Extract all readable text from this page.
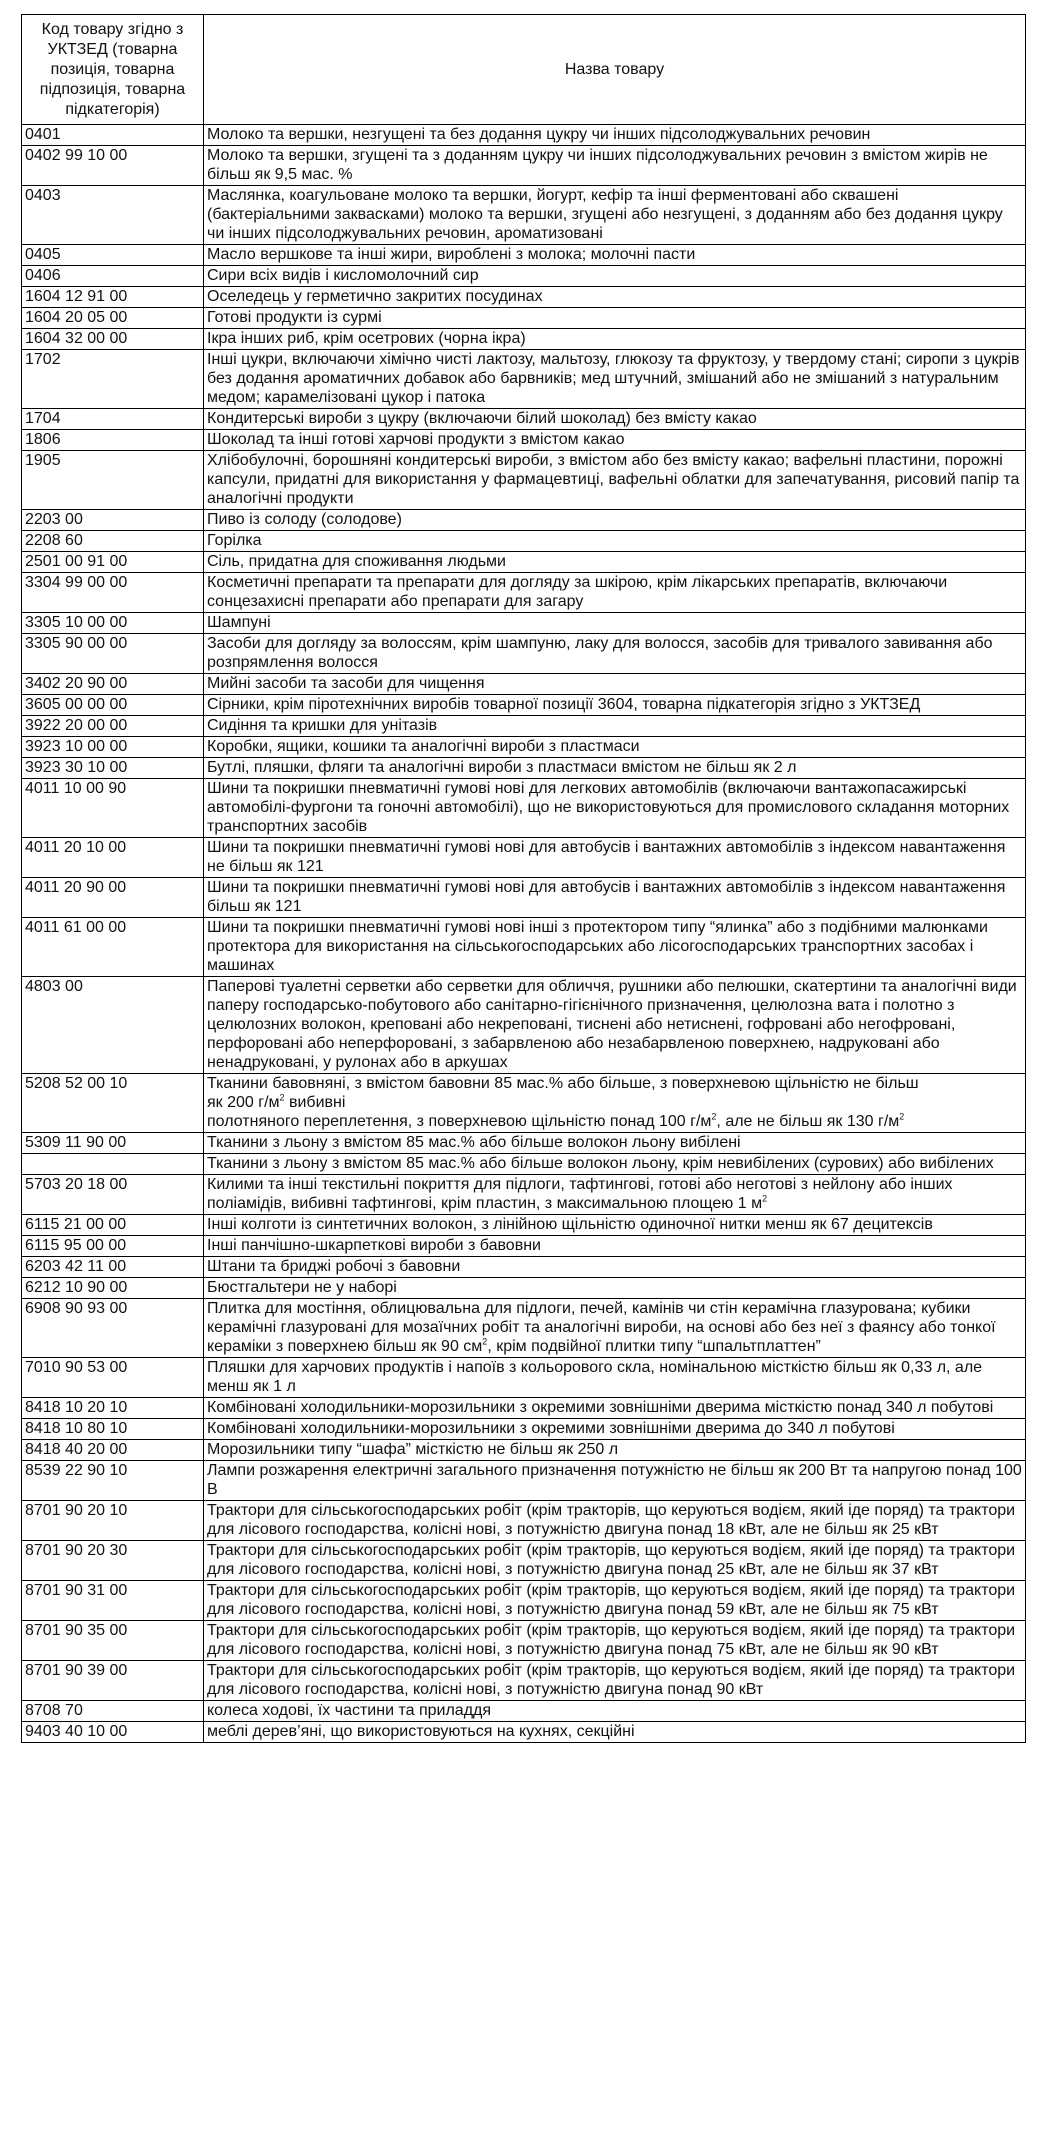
Код товару згідно з УКТЗЕД (товарна позиція, товарна підпозиція, товарна підкатегорія)	Назва товару
0401	Молоко та вершки, незгущені та без додання цукру чи інших підсолоджувальних речовин
0402 99 10 00	Молоко та вершки, згущені та з доданням цукру чи інших підсолоджувальних речовин з вмістом жирів не більш як 9,5 мас. %
0403	Маслянка, коагульоване молоко та вершки, йогурт, кефір та інші ферментовані або сквашені (бактеріальними заквасками) молоко та вершки, згущені або незгущені, з доданням або без додання цукру чи інших підсолоджувальних речовин, ароматизовані
0405	Масло вершкове та інші жири, вироблені з молока; молочні пасти
0406	Сири всіх видів і кисломолочний сир
1604 12 91 00	Оселедець у герметично закритих посудинах
1604 20 05 00	Готові продукти із сурмі
1604 32 00 00	Ікра інших риб, крім осетрових (чорна ікра)
1702	Інші цукри, включаючи хімічно чисті лактозу, мальтозу, глюкозу та фруктозу, у твердому стані; сиропи з цукрів без додання ароматичних добавок або барвників; мед штучний, змішаний або не змішаний з натуральним медом; карамелізовані цукор і патока
1704	Кондитерські вироби з цукру (включаючи білий шоколад) без вмісту какао
1806	Шоколад та інші готові харчові продукти з вмістом какао
1905	Хлібобулочні, борошняні кондитерські вироби, з вмістом або без вмісту какао; вафельні пластини, порожні капсули, придатні для використання у фармацевтиці, вафельні облатки для запечатування, рисовий папір та аналогічні продукти
2203 00	Пиво із солоду (солодове)
2208 60	Горілка
2501 00 91 00	Сіль, придатна для споживання людьми
3304 99 00 00	Косметичні препарати та препарати для догляду за шкірою, крім лікарських препаратів, включаючи сонцезахисні препарати або препарати для загару
3305 10 00 00	Шампуні
3305 90 00 00	Засоби для догляду за волоссям, крім шампуню, лаку для волосся, засобів для тривалого завивання або розпрямлення волосся
3402 20 90 00	Мийні засоби та засоби для чищення
3605 00 00 00	Сірники, крім піротехнічних виробів товарної позиції 3604, товарна підкатегорія згідно з УКТЗЕД
3922 20 00 00	Сидіння та кришки для унітазів
3923 10 00 00	Коробки, ящики, кошики та аналогічні вироби з пластмаси
3923 30 10 00	Бутлі, пляшки, фляги та аналогічні вироби з пластмаси вмістом не більш як 2 л
4011 10 00 90	Шини та покришки пневматичні гумові нові для легкових автомобілів (включаючи вантажопасажирські автомобілі-фургони та гоночні автомобілі), що не використовуються для промислового складання моторних транспортних засобів
4011 20 10 00	Шини та покришки пневматичні гумові нові для автобусів і вантажних автомобілів з індексом навантаження не більш як 121
4011 20 90 00	Шини та покришки пневматичні гумові нові для автобусів і вантажних автомобілів з індексом навантаження більш як 121
4011 61 00 00	Шини та покришки пневматичні гумові нові інші з протектором типу “ялинка” або з подібними малюнками протектора для використання на сільськогосподарських або лісогосподарських транспортних засобах і машинах
4803 00	Паперові туалетні серветки або серветки для обличчя, рушники або пелюшки, скатертини та аналогічні види паперу господарсько-побутового або санітарно-гігієнічного призначення, целюлозна вата і полотно з целюлозних волокон, креповані або некреповані, тиснені або нетиснені, гофровані або негофровані, перфоровані або неперфоровані, з забарвленою або незабарвленою поверхнею, надруковані або ненадруковані, у рулонах або в аркушах
5208 52 00 10	Тканини бавовняні, з вмістом бавовни 85 мас.% або більше, з поверхневою щільністю не більш
як 200 $г/м^2$ вибивні
полотняного переплетення, з поверхневою щільністю понад 100 $г/м^2$, але не більш як 130 $г/м^2$
5309 11 90 00	Тканини з льону з вмістом 85 мас.% або більше волокон льону вибілені
	Тканини з льону з вмістом 85 мас.% або більше волокон льону, крім невибілених (сурових) або вибілених
5703 20 18 00	Килими та інші текстильні покриття для підлоги, тафтингові, готові або неготові з нейлону або інших поліамідів, вибивні тафтингові, крім пластин, з максимальною площею 1 $м^2$
6115 21 00 00	Інші колготи із синтетичних волокон, з лінійною щільністю одиночної нитки менш як 67 децитексів
6115 95 00 00	Інші панчішно-шкарпеткові вироби з бавовни
6203 42 11 00	Штани та бриджі робочі з бавовни
6212 10 90 00	Бюстгальтери не у наборі
6908 90 93 00	Плитка для мостіння, облицювальна для підлоги, печей, камінів чи стін керамічна глазурована; кубики керамічні глазуровані для мозаїчних робіт та аналогічні вироби, на основі або без неї з фаянсу або тонкої кераміки з поверхнею більш як 90 $см^2$, крім подвійної плитки типу “шпальтплаттен”
7010 90 53 00	Пляшки для харчових продуктів і напоїв з кольорового скла, номінальною місткістю більш як 0,33 л, але менш як 1 л
8418 10 20 10	Комбіновані холодильники-морозильники з окремими зовнішніми дверима місткістю понад 340 л побутові
8418 10 80 10	Комбіновані холодильники-морозильники з окремими зовнішніми дверима до 340 л побутові
8418 40 20 00	Морозильники типу “шафа” місткістю не більш як 250 л
8539 22 90 10	Лампи розжарення електричні загального призначення потужністю не більш як 200 Вт та напругою понад 100 В
8701 90 20 10	Трактори для сільськогосподарських робіт (крім тракторів, що керуються водієм, який іде поряд) та трактори для лісового господарства, колісні нові, з потужністю двигуна понад 18 кВт, але не більш як 25 кВт
8701 90 20 30	Трактори для сільськогосподарських робіт (крім тракторів, що керуються водієм, який іде поряд) та трактори для лісового господарства, колісні нові, з потужністю двигуна понад 25 кВт, але не більш як 37 кВт
8701 90 31 00	Трактори для сільськогосподарських робіт (крім тракторів, що керуються водієм, який іде поряд) та трактори для лісового господарства, колісні нові, з потужністю двигуна понад 59 кВт, але не більш як 75 кВт
8701 90 35 00	Трактори для сільськогосподарських робіт (крім тракторів, що керуються водієм, який іде поряд) та трактори для лісового господарства, колісні нові, з потужністю двигуна понад 75 кВт, але не більш як 90 кВт
8701 90 39 00	Трактори для сільськогосподарських робіт (крім тракторів, що керуються водієм, який іде поряд) та трактори для лісового господарства, колісні нові, з потужністю двигуна понад 90 кВт
8708 70	колеса ходові, їх частини та приладдя
9403 40 10 00	меблі дерев’яні, що використовуються на кухнях, секційні
